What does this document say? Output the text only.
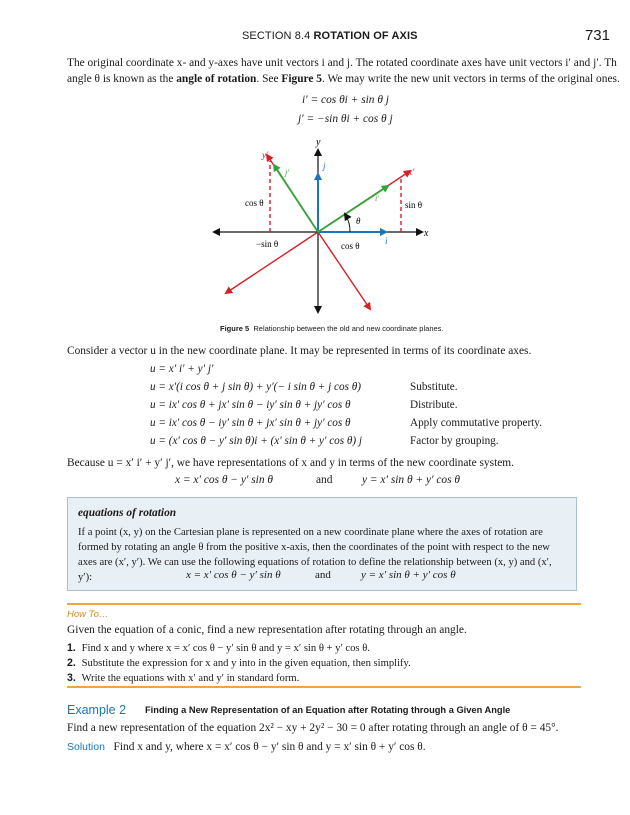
SECTION 8.4 ROTATION OF AXIS	731

The original coordinate x- and y-axes have unit vectors i and j. The rotated coordinate axes have unit vectors i′ and j′. Th

angle θ is known as the angle of rotation. See Figure 5. We may write the new unit vectors in terms of the original ones.

i′ = cos θi + sin θ j
j′ = −sin θi + cos θ j
y
x
y′
x′
j
i
j′
i′
θ
cos θ	sin θ
−sin θ	cos θ
Figure 5 Relationship between the old and new coordinate planes.
Consider a vector u in the new coordinate plane. It may be represented in terms of its coordinate axes.
u = x′ i′ + y′ j′
u = x′(i cos θ + j sin θ) + y′(− i sin θ + j cos θ)	Substitute.
u = ix′ cos θ + jx′ sin θ − iy′ sin θ + jy′ cos θ	Distribute.
u = ix′ cos θ − iy′ sin θ + jx′ sin θ + jy′ cos θ	Apply commutative property.
u = (x′ cos θ − y′ sin θ)i + (x′ sin θ + y′ cos θ) j	Factor by grouping.
Because u = x′ i′ + y′ j′, we have representations of x and y in terms of the new coordinate system.
x = x′ cos θ − y′ sin θ	and	y = x′ sin θ + y′ cos θ
equations of rotation
If a point (x, y) on the Cartesian plane is represented on a new coordinate plane where the axes of rotation are formed by rotating an angle θ from the positive x-axis, then the coordinates of the point with respect to the new axes are (x′, y′). We can use the following equations of rotation to define the relationship between (x, y) and (x′, y′):	x = x′ cos θ − y′ sin θ	and	y = x′ sin θ + y′ cos θ
How To…
Given the equation of a conic, find a new representation after rotating through an angle.
1. Find x and y where x = x′ cos θ − y′ sin θ and y = x′ sin θ + y′ cos θ.
2. Substitute the expression for x and y into in the given equation, then simplify.
3. Write the equations with x′ and y′ in standard form.
Example 2 Finding a New Representation of an Equation after Rotating through a Given Angle
Find a new representation of the equation 2x² − xy + 2y² − 30 = 0 after rotating through an angle of θ = 45°.
Solution Find x and y, where x = x′ cos θ − y′ sin θ and y = x′ sin θ + y′ cos θ.
